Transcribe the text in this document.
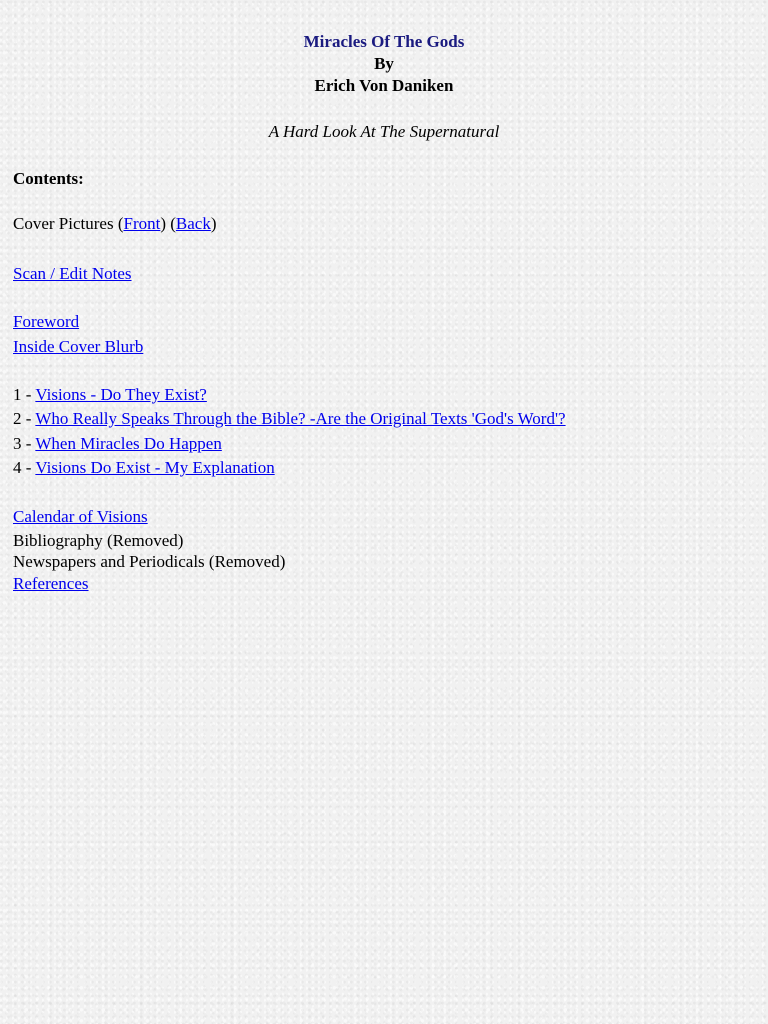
Miracles Of The Gods
By
Erich Von Daniken
A Hard Look At The Supernatural
Contents:
Cover Pictures (Front) (Back)
Scan / Edit Notes
Foreword
Inside Cover Blurb
1 - Visions - Do They Exist?
2 - Who Really Speaks Through the Bible? -Are the Original Texts 'God's Word'?
3 - When Miracles Do Happen
4 - Visions Do Exist - My Explanation
Calendar of Visions
Bibliography (Removed)
Newspapers and Periodicals (Removed)
References
